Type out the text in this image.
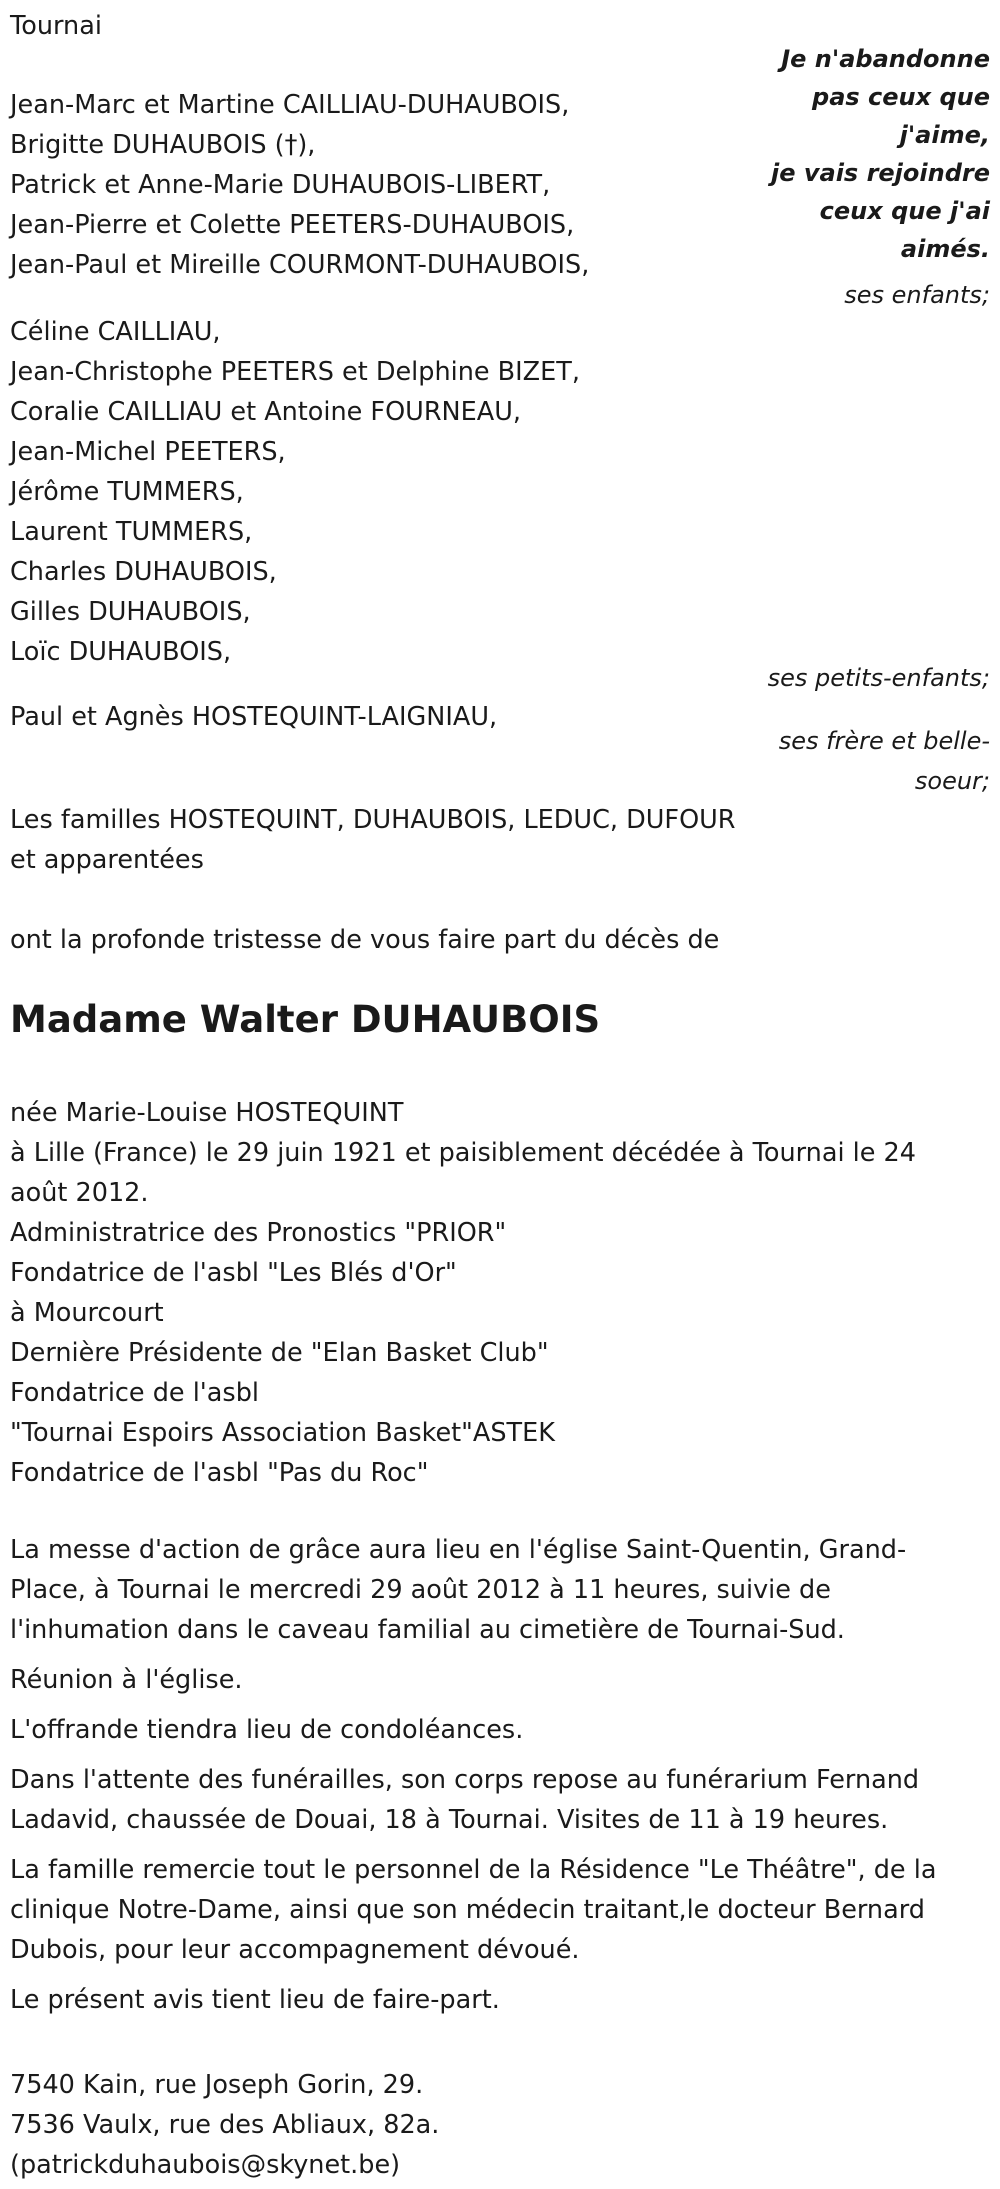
Tournai
Je n'abandonne
pas ceux que
j'aime,
je vais rejoindre
ceux que j'ai
aimés.
ses enfants;
Jean-Marc et Martine CAILLIAU-DUHAUBOIS,
Brigitte DUHAUBOIS (†),
Patrick et Anne-Marie DUHAUBOIS-LIBERT,
Jean-Pierre et Colette PEETERS-DUHAUBOIS,
Jean-Paul et Mireille COURMONT-DUHAUBOIS,
Céline CAILLIAU,
Jean-Christophe PEETERS et Delphine BIZET,
Coralie CAILLIAU et Antoine FOURNEAU,
Jean-Michel PEETERS,
Jérôme TUMMERS,
Laurent TUMMERS,
Charles DUHAUBOIS,
Gilles DUHAUBOIS,
Loïc DUHAUBOIS,
ses petits-enfants;
Paul et Agnès HOSTEQUINT-LAIGNIAU,
ses frère et belle-
soeur;
Les familles HOSTEQUINT, DUHAUBOIS, LEDUC, DUFOUR
et apparentées
ont la profonde tristesse de vous faire part du décès de
Madame Walter DUHAUBOIS
née Marie-Louise HOSTEQUINT
à Lille (France) le 29 juin 1921 et paisiblement décédée à Tournai le 24 août 2012.
Administratrice des Pronostics "PRIOR"
Fondatrice de l'asbl "Les Blés d'Or"
à Mourcourt
Dernière Présidente de "Elan Basket Club"
Fondatrice de l'asbl
"Tournai Espoirs Association Basket"ASTEK
Fondatrice de l'asbl "Pas du Roc"

La messe d'action de grâce aura lieu en l'église Saint-Quentin, Grand-Place, à Tournai le mercredi 29 août 2012 à 11 heures, suivie de l'inhumation dans le caveau familial au cimetière de Tournai-Sud.

Réunion à l'église.

L'offrande tiendra lieu de condoléances.

Dans l'attente des funérailles, son corps repose au funérarium Fernand Ladavid, chaussée de Douai, 18 à Tournai. Visites de 11 à 19 heures.

La famille remercie tout le personnel de la Résidence "Le Théâtre", de la clinique Notre-Dame, ainsi que son médecin traitant,le docteur Bernard Dubois, pour leur accompagnement dévoué.

Le présent avis tient lieu de faire-part.

7540 Kain, rue Joseph Gorin, 29.
7536 Vaulx, rue des Abliaux, 82a.
(patrickduhaubois@skynet.be)
